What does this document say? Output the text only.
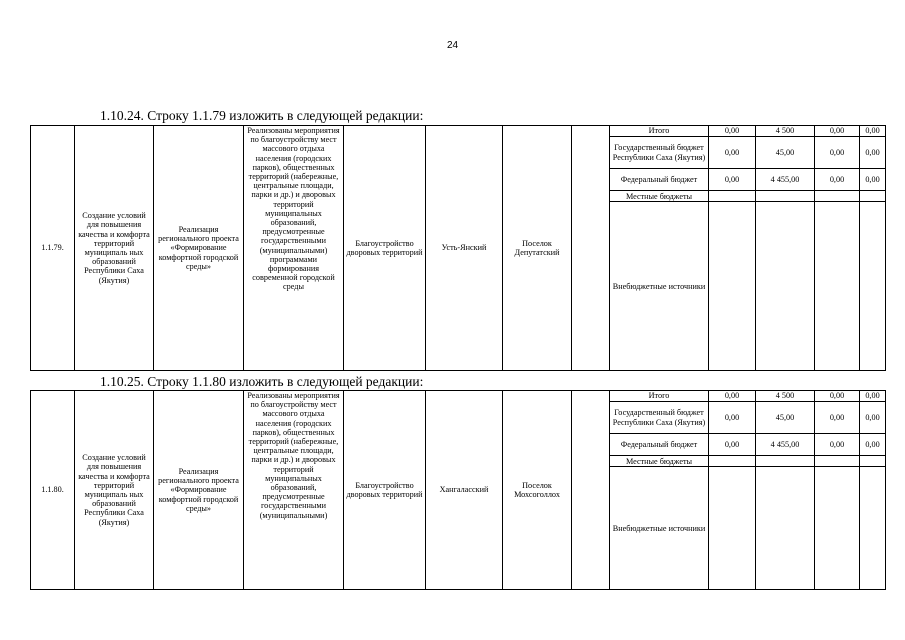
24
1.10.24. Строку 1.1.79 изложить в следующей редакции:
1.1.79.	Создание условий для повышения качества и комфорта территорий муниципаль ных образований Республики Саха (Якутия)	Реализация регионального проекта «Формирование комфортной городской среды»	Реализованы мероприятия по благоустройству мест массового отдыха населения (городских парков), общественных территорий (набережные, центральные площади, парки и др.) и дворовых территорий муниципальных образований, предусмотренные государственными (муниципальными) программами формирования современной городской среды	Благоустройство дворовых территорий	Усть-Янский	Поселок Депутатский		Итого	0,00	4 500	0,00	0,00
								Государственный бюджет Республики Саха (Якутия)	0,00	45,00	0,00	0,00
								Федеральный бюджет	0,00	4 455,00	0,00	0,00
								Местные бюджеты				
								Внебюджетные источники				
1.10.25. Строку 1.1.80 изложить в следующей редакции:
1.1.80.	Создание условий для повышения качества и комфорта территорий муниципаль ных образований Республики Саха (Якутия)	Реализация регионального проекта «Формирование комфортной городской среды»	Реализованы мероприятия по благоустройству мест массового отдыха населения (городских парков), общественных территорий (набережные, центральные площади, парки и др.) и дворовых территорий муниципальных образований, предусмотренные государственными (муниципальными)	Благоустройство дворовых территорий	Хангаласский	Поселок Мохсоголлох		Итого	0,00	4 500	0,00	0,00
								Государственный бюджет Республики Саха (Якутия)	0,00	45,00	0,00	0,00
								Федеральный бюджет	0,00	4 455,00	0,00	0,00
								Местные бюджеты				
								Внебюджетные источники				
